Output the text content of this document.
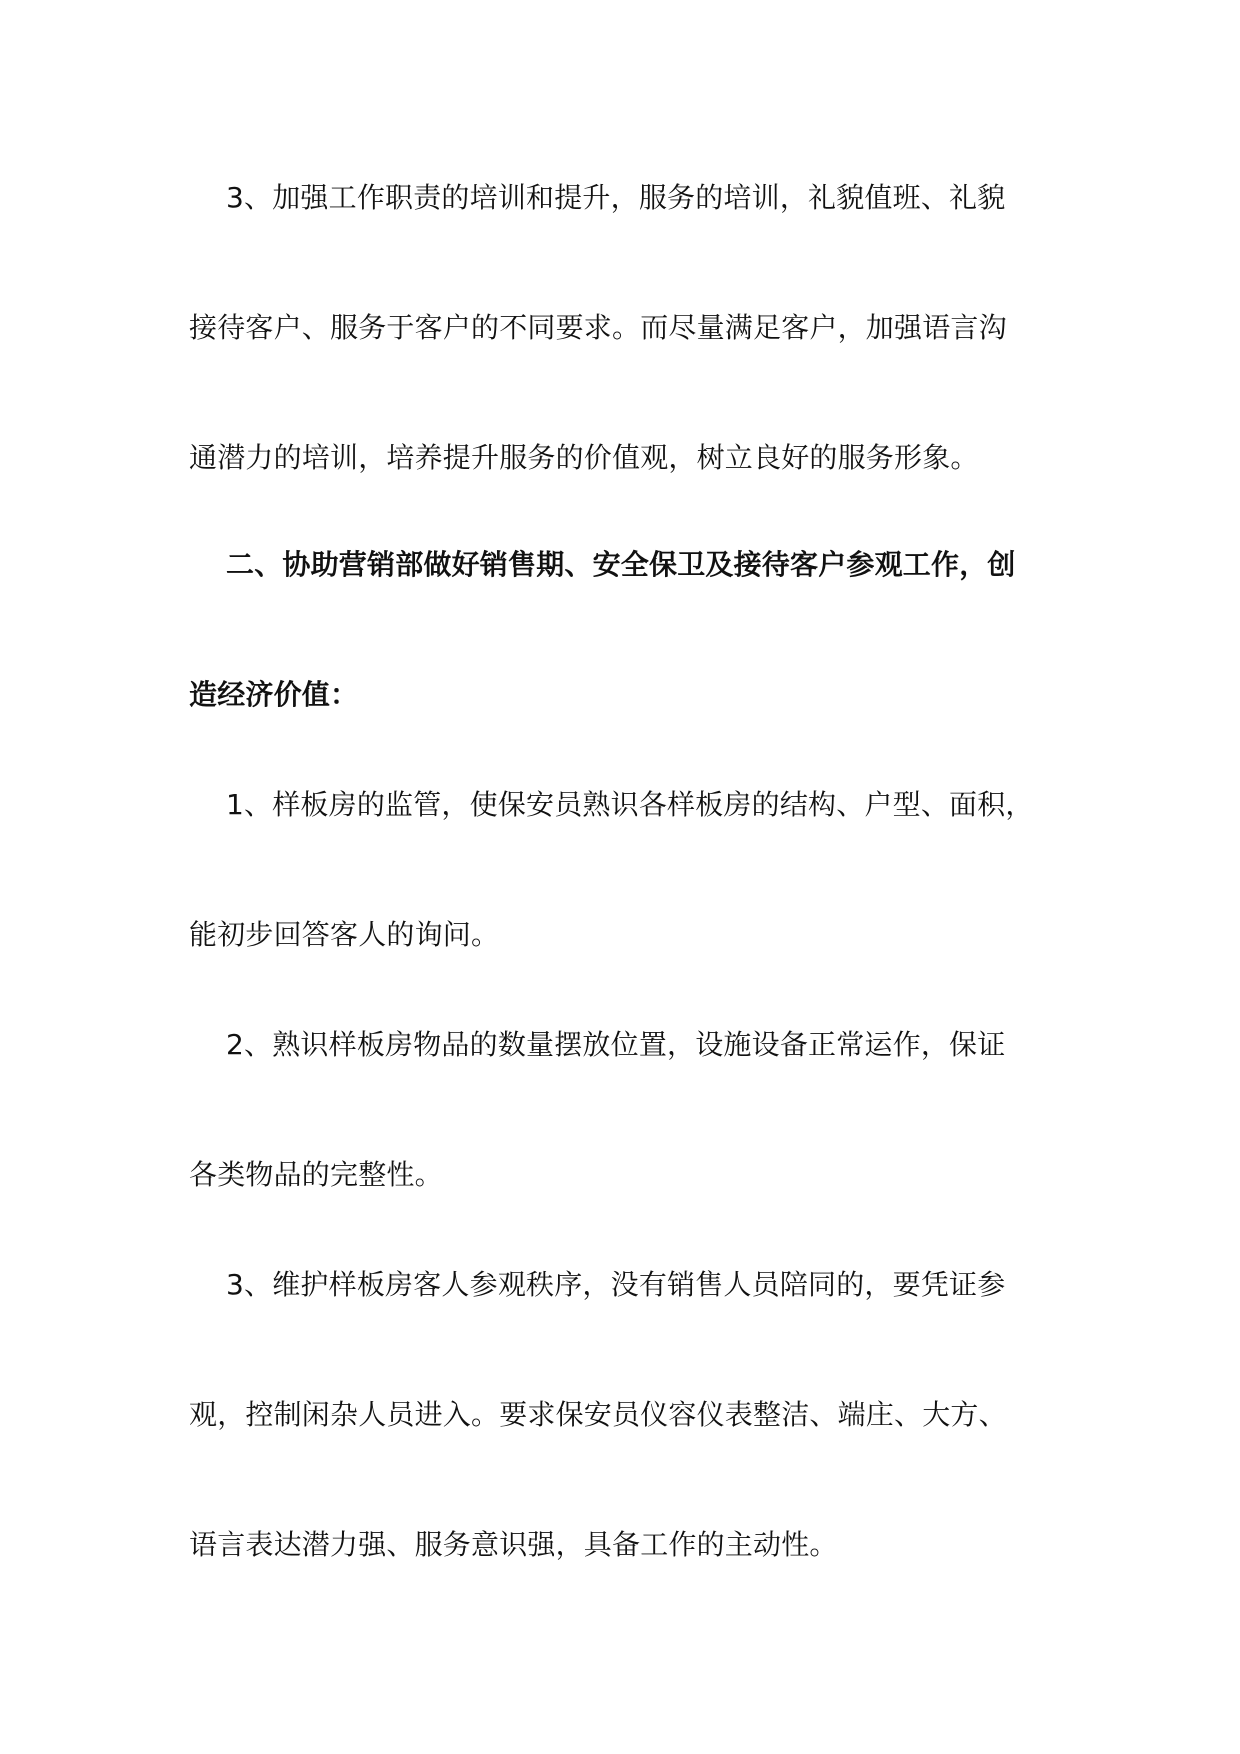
3、加强工作职责的培训和提升，服务的培训，礼貌值班、礼貌
接待客户、服务于客户的不同要求。而尽量满足客户，加强语言沟
通潜力的培训，培养提升服务的价值观，树立良好的服务形象。
二、协助营销部做好销售期、安全保卫及接待客户参观工作，创
造经济价值：
1、样板房的监管，使保安员熟识各样板房的结构、户型、面积，
能初步回答客人的询问。
2、熟识样板房物品的数量摆放位置，设施设备正常运作，保证
各类物品的完整性。
3、维护样板房客人参观秩序，没有销售人员陪同的，要凭证参
观，控制闲杂人员进入。要求保安员仪容仪表整洁、端庄、大方、
语言表达潜力强、服务意识强，具备工作的主动性。
